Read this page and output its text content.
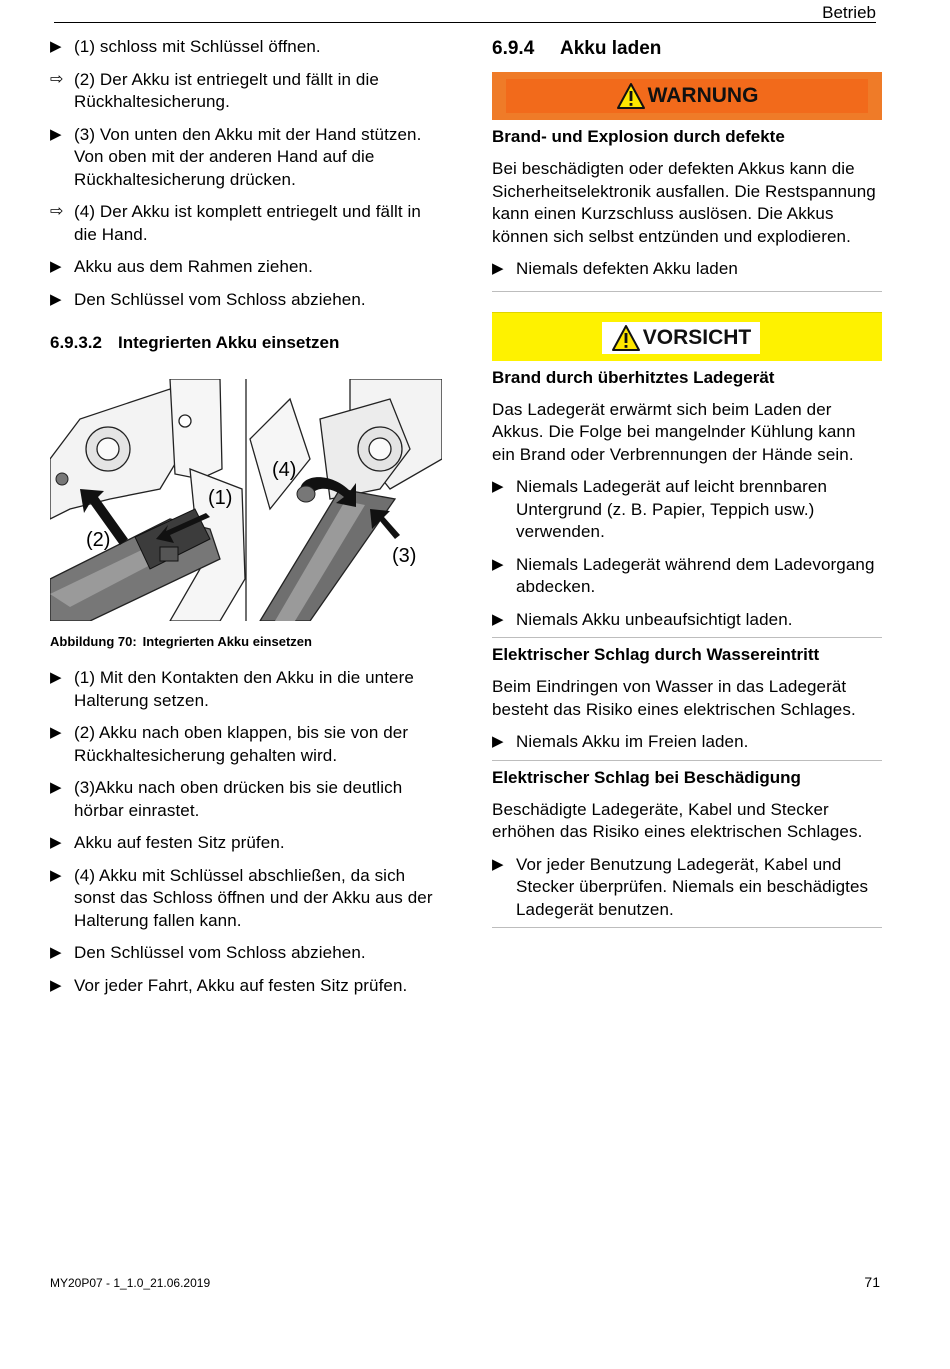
Betrieb
▶ (1) schloss mit Schlüssel öffnen.
⇨ (2) Der Akku ist entriegelt und fällt in die Rückhaltesicherung.
▶ (3) Von unten den Akku mit der Hand stützen. Von oben mit der anderen Hand auf die Rückhaltesicherung drücken.
⇨ (4) Der Akku ist komplett entriegelt und fällt in die Hand.
▶ Akku aus dem Rahmen ziehen.
▶ Den Schlüssel vom Schloss abziehen.
6.9.3.2 Integrierten Akku einsetzen
(1)
(2)
(3)
(4)
Abbildung 70: Integrierten Akku einsetzen
▶ (1) Mit den Kontakten den Akku in die untere Halterung setzen.
▶ (2) Akku nach oben klappen, bis sie von der Rückhaltesicherung gehalten wird.
▶ (3)Akku nach oben drücken bis sie deutlich hörbar einrastet.
▶ Akku auf festen Sitz prüfen.
▶ (4) Akku mit Schlüssel abschließen, da sich sonst das Schloss öffnen und der Akku aus der Halterung fallen kann.
▶ Den Schlüssel vom Schloss abziehen.
▶ Vor jeder Fahrt, Akku auf festen Sitz prüfen.
6.9.4 Akku laden
WARNUNG
Brand- und Explosion durch defekte
Bei beschädigten oder defekten Akkus kann die Sicherheitselektronik ausfallen. Die Restspannung kann einen Kurzschluss auslösen. Die Akkus können sich selbst entzünden und explodieren.
▶ Niemals defekten Akku laden
VORSICHT
Brand durch überhitztes Ladegerät
Das Ladegerät erwärmt sich beim Laden der Akkus. Die Folge bei mangelnder Kühlung kann ein Brand oder Verbrennungen der Hände sein.
▶ Niemals Ladegerät auf leicht brennbaren Untergrund (z. B. Papier, Teppich usw.) verwenden.
▶ Niemals Ladegerät während dem Ladevorgang abdecken.
▶ Niemals Akku unbeaufsichtigt laden.
Elektrischer Schlag durch Wassereintritt
Beim Eindringen von Wasser in das Ladegerät besteht das Risiko eines elektrischen Schlages.
▶ Niemals Akku im Freien laden.
Elektrischer Schlag bei Beschädigung
Beschädigte Ladegeräte, Kabel und Stecker erhöhen das Risiko eines elektrischen Schlages.
▶ Vor jeder Benutzung Ladegerät, Kabel und Stecker überprüfen. Niemals ein beschädigtes Ladegerät benutzen.
MY20P07 - 1_1.0_21.06.2019	71
